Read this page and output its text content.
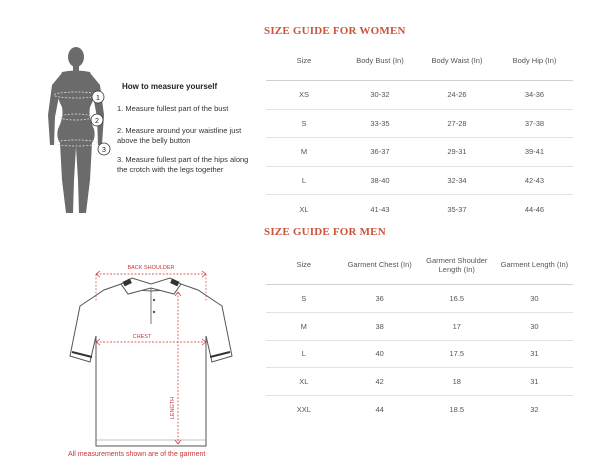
1
2
3
How to measure yourself
1. Measure fullest part of the bust
2. Measure around your waistline just above the belly button
3. Measure fullest part of the hips along the crotch with the legs together
SIZE GUIDE FOR WOMEN
Size	Body Bust (In)	Body Waist (In)	Body Hip (In)
XS	30-32	24-26	34-36
S	33-35	27-28	37-38
M	36-37	29-31	39-41
L	38-40	32-34	42-43
XL	41-43	35-37	44-46
SIZE GUIDE FOR MEN
Size	Garment Chest (In)	Garment Shoulder Length (In)	Garment Length (In)
S	36	16.5	30
M	38	17	30
L	40	17.5	31
XL	42	18	31
XXL	44	18.5	32
BACK SHOULDER
CHEST
LENGTH
All measurements shown are of the garment
